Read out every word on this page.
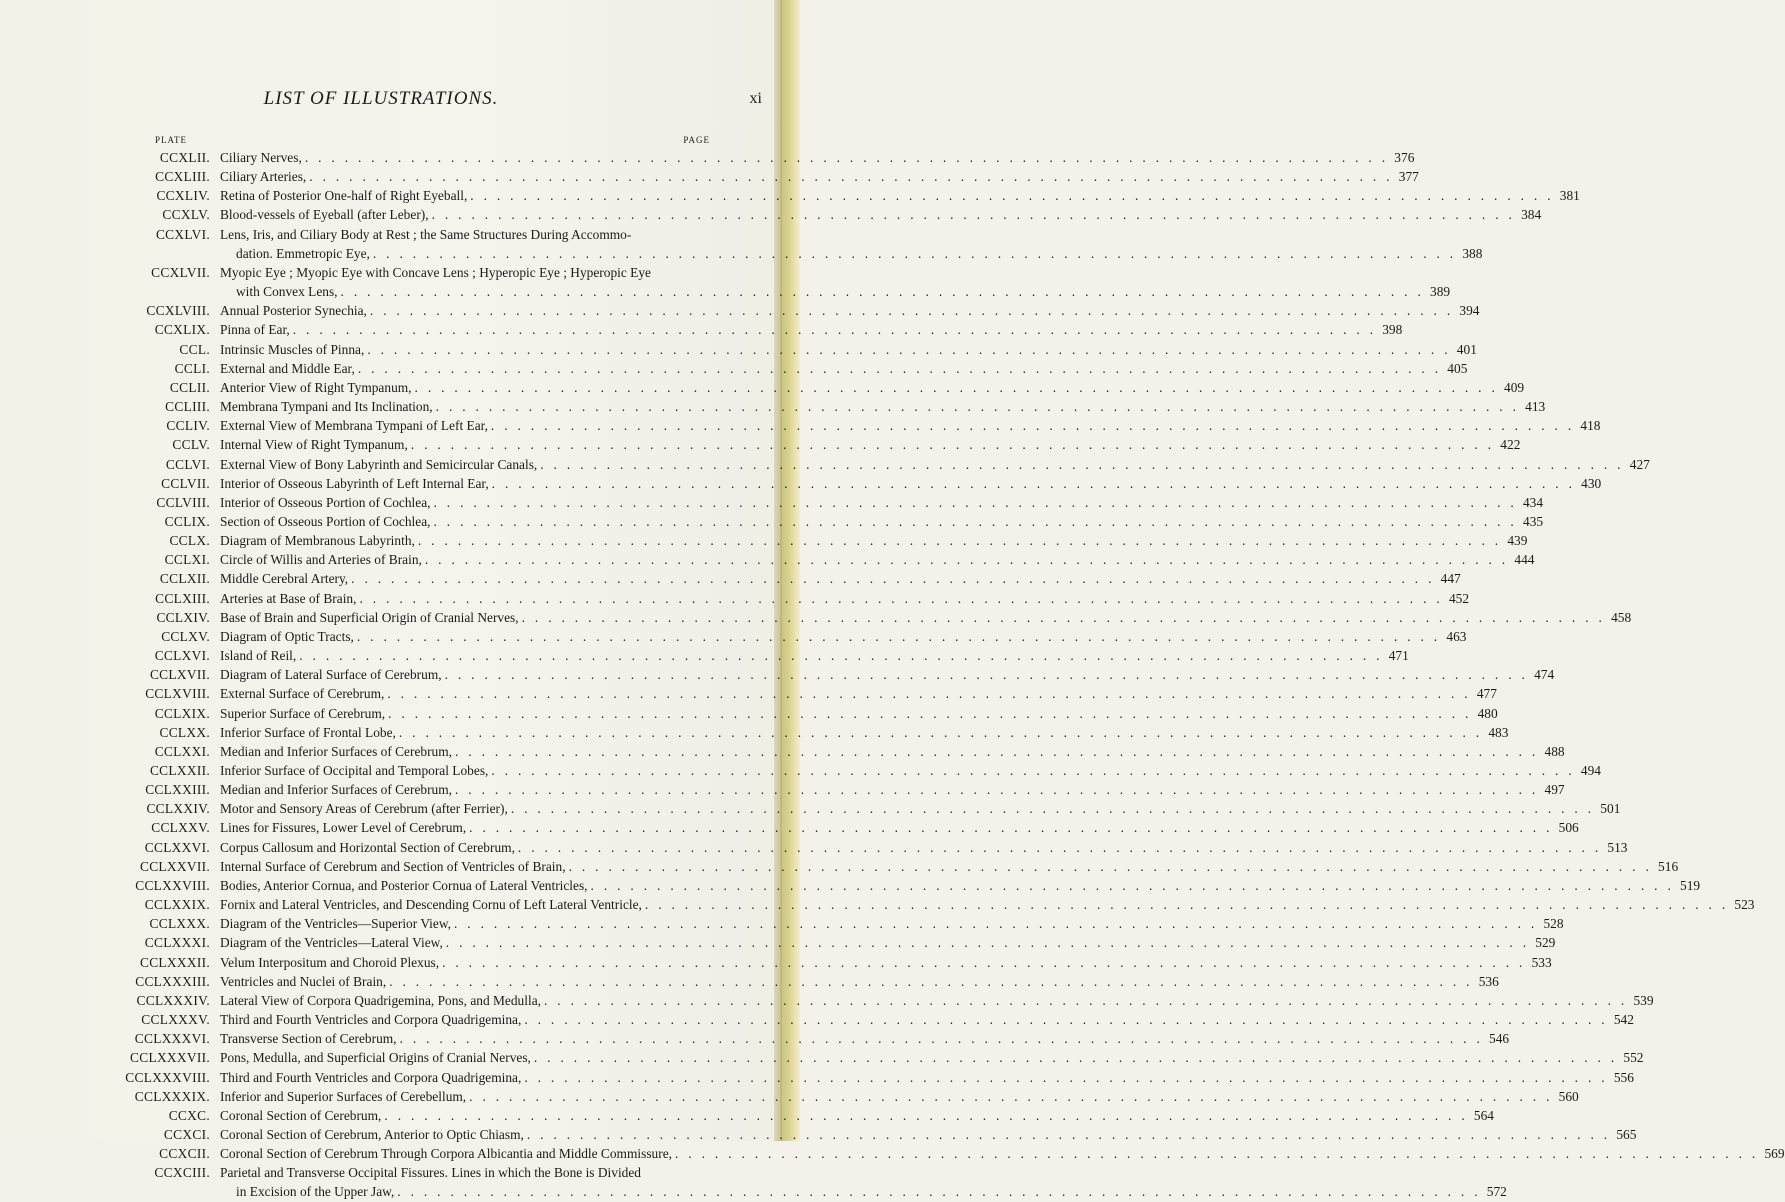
LIST OF ILLUSTRATIONS.	xi
PLATE	PAGE
CCXLII. Ciliary Nerves, . . .	376
CCXLIII. Ciliary Arteries, . . .	377
CCXLIV. Retina of Posterior One-half of Right Eyeball, . . .	381
CCXLV. Blood-vessels of Eyeball (after Leber), . . .	384
CCXLVI. Lens, Iris, and Ciliary Body at Rest ; the Same Structures During Accommo-
dation. Emmetropic Eye, . . .	388
CCXLVII. Myopic Eye ; Myopic Eye with Concave Lens ; Hyperopic Eye ; Hyperopic Eye
with Convex Lens, . . .	389
CCXLVIII. Annual Posterior Synechia, . . .	394
CCXLIX. Pinna of Ear, . . .	398
CCL. Intrinsic Muscles of Pinna, . . .	401
CCLI. External and Middle Ear, . . .	405
CCLII. Anterior View of Right Tympanum, . . .	409
CCLIII. Membrana Tympani and Its Inclination, . . .	413
CCLIV. External View of Membrana Tympani of Left Ear, . . .	418
CCLV. Internal View of Right Tympanum, . . .	422
CCLVI. External View of Bony Labyrinth and Semicircular Canals, . . .	427
CCLVII. Interior of Osseous Labyrinth of Left Internal Ear, . . .	430
CCLVIII. Interior of Osseous Portion of Cochlea, . . .	434
CCLIX. Section of Osseous Portion of Cochlea, . . .	435
CCLX. Diagram of Membranous Labyrinth, . . .	439
CCLXI. Circle of Willis and Arteries of Brain, . . .	444
CCLXII. Middle Cerebral Artery, . . .	447
CCLXIII. Arteries at Base of Brain, . . .	452
CCLXIV. Base of Brain and Superficial Origin of Cranial Nerves, . . .	458
CCLXV. Diagram of Optic Tracts, . . .	463
CCLXVI. Island of Reil, . . .	471
CCLXVII. Diagram of Lateral Surface of Cerebrum, . . .	474
CCLXVIII. External Surface of Cerebrum, . . .	477
CCLXIX. Superior Surface of Cerebrum, . . .	480
CCLXX. Inferior Surface of Frontal Lobe, . . .	483
CCLXXI. Median and Inferior Surfaces of Cerebrum, . . .	488
CCLXXII. Inferior Surface of Occipital and Temporal Lobes, . . .	494
CCLXXIII. Median and Inferior Surfaces of Cerebrum, . . .	497
CCLXXIV. Motor and Sensory Areas of Cerebrum (after Ferrier), . . .	501
CCLXXV. Lines for Fissures, Lower Level of Cerebrum, . . .	506
CCLXXVI. Corpus Callosum and Horizontal Section of Cerebrum, . . .	513
CCLXXVII. Internal Surface of Cerebrum and Section of Ventricles of Brain, . . .	516
CCLXXVIII. Bodies, Anterior Cornua, and Posterior Cornua of Lateral Ventricles, . . .	519
CCLXXIX. Fornix and Lateral Ventricles, and Descending Cornu of Left Lateral Ventricle, . . .	523
CCLXXX. Diagram of the Ventricles—Superior View, . . .	528
CCLXXXI. Diagram of the Ventricles—Lateral View, . . .	529
CCLXXXII. Velum Interpositum and Choroid Plexus, . . .	533
CCLXXXIII. Ventricles and Nuclei of Brain, . . .	536
CCLXXXIV. Lateral View of Corpora Quadrigemina, Pons, and Medulla, . . .	539
CCLXXXV. Third and Fourth Ventricles and Corpora Quadrigemina, . . .	542
CCLXXXVI. Transverse Section of Cerebrum, . . .	546
CCLXXXVII. Pons, Medulla, and Superficial Origins of Cranial Nerves, . . .	552
CCLXXXVIII. Third and Fourth Ventricles and Corpora Quadrigemina, . . .	556
CCLXXXIX. Inferior and Superior Surfaces of Cerebellum, . . .	560
CCXC. Coronal Section of Cerebrum, . . .	564
CCXCI. Coronal Section of Cerebrum, Anterior to Optic Chiasm, . . .	565
CCXCII. Coronal Section of Cerebrum Through Corpora Albicantia and Middle Commissure, . . .	569
CCXCIII. Parietal and Transverse Occipital Fissures. Lines in which the Bone is Divided
in Excision of the Upper Jaw, . . .	572
